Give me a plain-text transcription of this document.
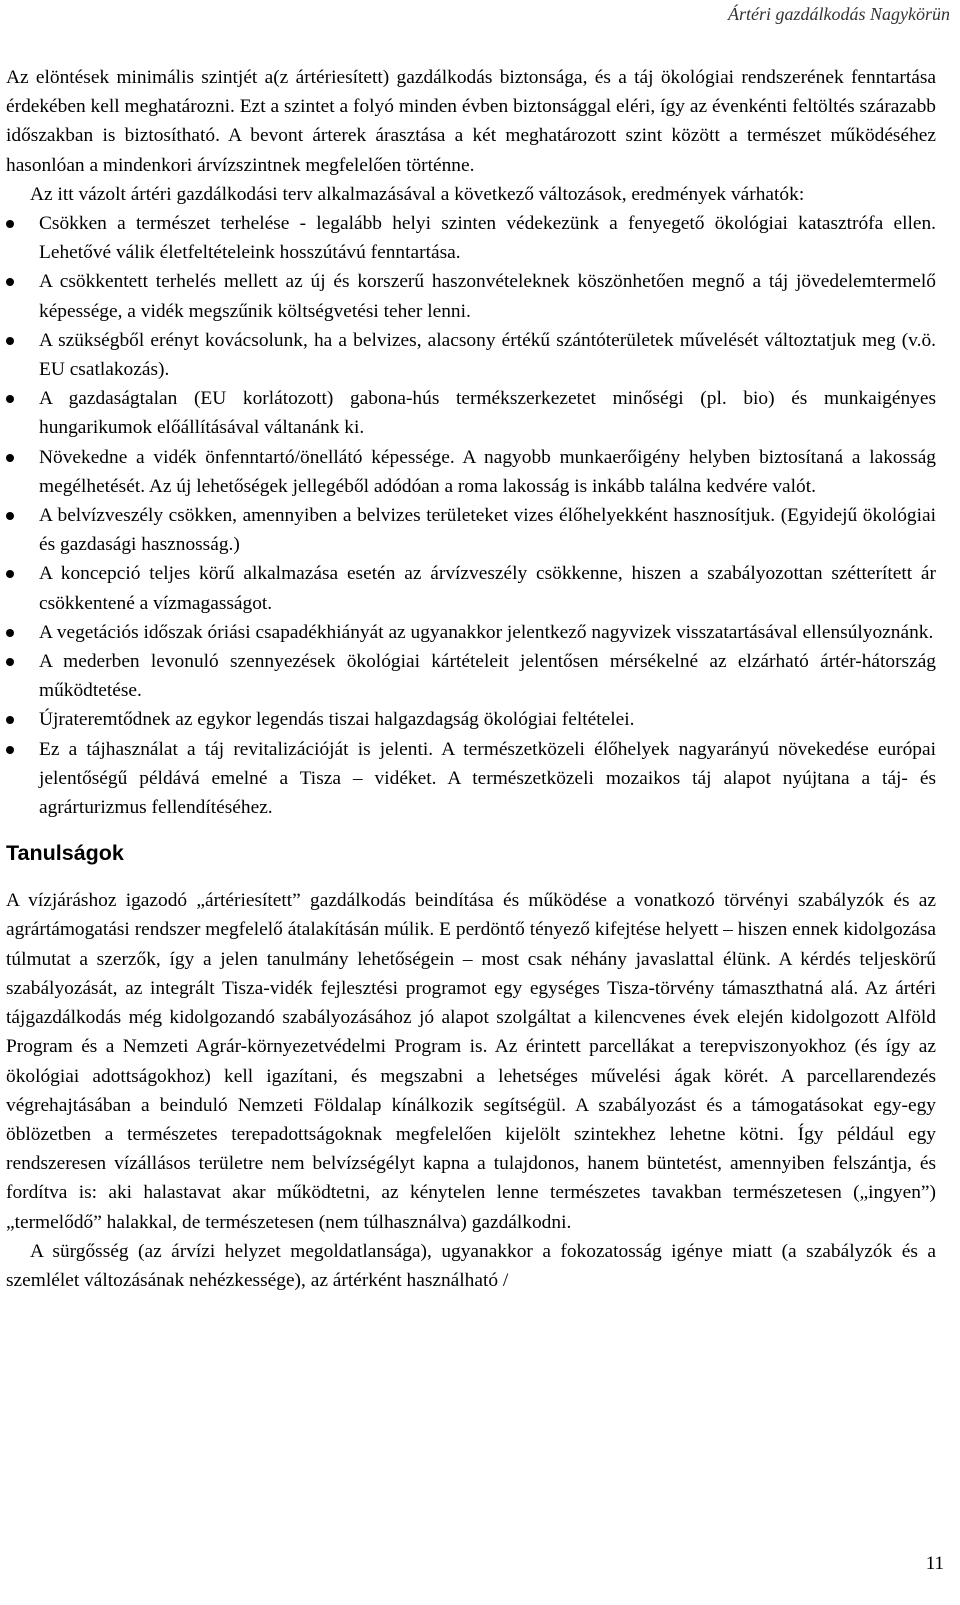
Ártéri gazdálkodás Nagykörün

Az elöntések minimális szintjét a(z ártériesített) gazdálkodás biztonsága, és a táj ökológiai rendszerének fenntartása érdekében kell meghatározni. Ezt a szintet a folyó minden évben biztonsággal eléri, így az évenkénti feltöltés szárazabb időszakban is biztosítható. A bevont árterek árasztása a két meghatározott szint között a természet működéséhez hasonlóan a mindenkori árvízszintnek megfelelően történne.

Az itt vázolt ártéri gazdálkodási terv alkalmazásával a következő változások, eredmények várhatók:

Csökken a természet terhelése - legalább helyi szinten védekezünk a fenyegető ökológiai katasztrófa ellen. Lehetővé válik életfeltételeink hosszútávú fenntartása.
A csökkentett terhelés mellett az új és korszerű haszonvételeknek köszönhetően megnő a táj jövedelemtermelő képessége, a vidék megszűnik költségvetési teher lenni.
A szükségből erényt kovácsolunk, ha a belvizes, alacsony értékű szántóterületek művelését változtatjuk meg (v.ö. EU csatlakozás).
A gazdaságtalan (EU korlátozott) gabona-hús termékszerkezetet minőségi (pl. bio) és munkaigényes hungarikumok előállításával váltanánk ki.
Növekedne a vidék önfenntartó/önellátó képessége. A nagyobb munkaerőigény helyben biztosítaná a lakosság megélhetését. Az új lehetőségek jellegéből adódóan a roma lakosság is inkább találna kedvére valót.
A belvízveszély csökken, amennyiben a belvizes területeket vizes élőhelyekként hasznosítjuk. (Egyidejű ökológiai és gazdasági hasznosság.)
A koncepció teljes körű alkalmazása esetén az árvízveszély csökkenne, hiszen a szabályozottan szétterített ár csökkentené a vízmagasságot.
A vegetációs időszak óriási csapadékhiányát az ugyanakkor jelentkező nagyvizek visszatartásával ellensúlyoznánk.
A mederben levonuló szennyezések ökológiai kártételeit jelentősen mérsékelné az elzárható ártér-hátország működtetése.
Újrateremtődnek az egykor legendás tiszai halgazdagság ökológiai feltételei.
Ez a tájhasználat a táj revitalizációját is jelenti. A természetközeli élőhelyek nagyarányú növekedése európai jelentőségű példává emelné a Tisza – vidéket. A természetközeli mozaikos táj alapot nyújtana a táj- és agrárturizmus fellendítéséhez.
Tanulságok

A vízjáráshoz igazodó „ártériesített” gazdálkodás beindítása és működése a vonatkozó törvényi szabályzók és az agrártámogatási rendszer megfelelő átalakításán múlik. E perdöntő tényező kifejtése helyett – hiszen ennek kidolgozása túlmutat a szerzők, így a jelen tanulmány lehetőségein – most csak néhány javaslattal élünk. A kérdés teljeskörű szabályozását, az integrált Tisza-vidék fejlesztési programot egy egységes Tisza-törvény támaszthatná alá. Az ártéri tájgazdálkodás még kidolgozandó szabályozásához jó alapot szolgáltat a kilencvenes évek elején kidolgozott Alföld Program és a Nemzeti Agrár-környezetvédelmi Program is. Az érintett parcellákat a terepviszonyokhoz (és így az ökológiai adottságokhoz) kell igazítani, és megszabni a lehetséges művelési ágak körét. A parcellarendezés végrehajtásában a beinduló Nemzeti Földalap kínálkozik segítségül. A szabályozást és a támogatásokat egy-egy öblözetben a természetes terepadottságoknak megfelelően kijelölt szintekhez lehetne kötni. Így például egy rendszeresen vízállásos területre nem belvízségélyt kapna a tulajdonos, hanem büntetést, amennyiben felszántja, és fordítva is: aki halastavat akar működtetni, az kénytelen lenne természetes tavakban természetesen („ingyen”) „termelődő” halakkal, de természetesen (nem túlhasználva) gazdálkodni.

A sürgősség (az árvízi helyzet megoldatlansága), ugyanakkor a fokozatosság igénye miatt (a szabályzók és a szemlélet változásának nehézkessége), az ártérként használható /

11
